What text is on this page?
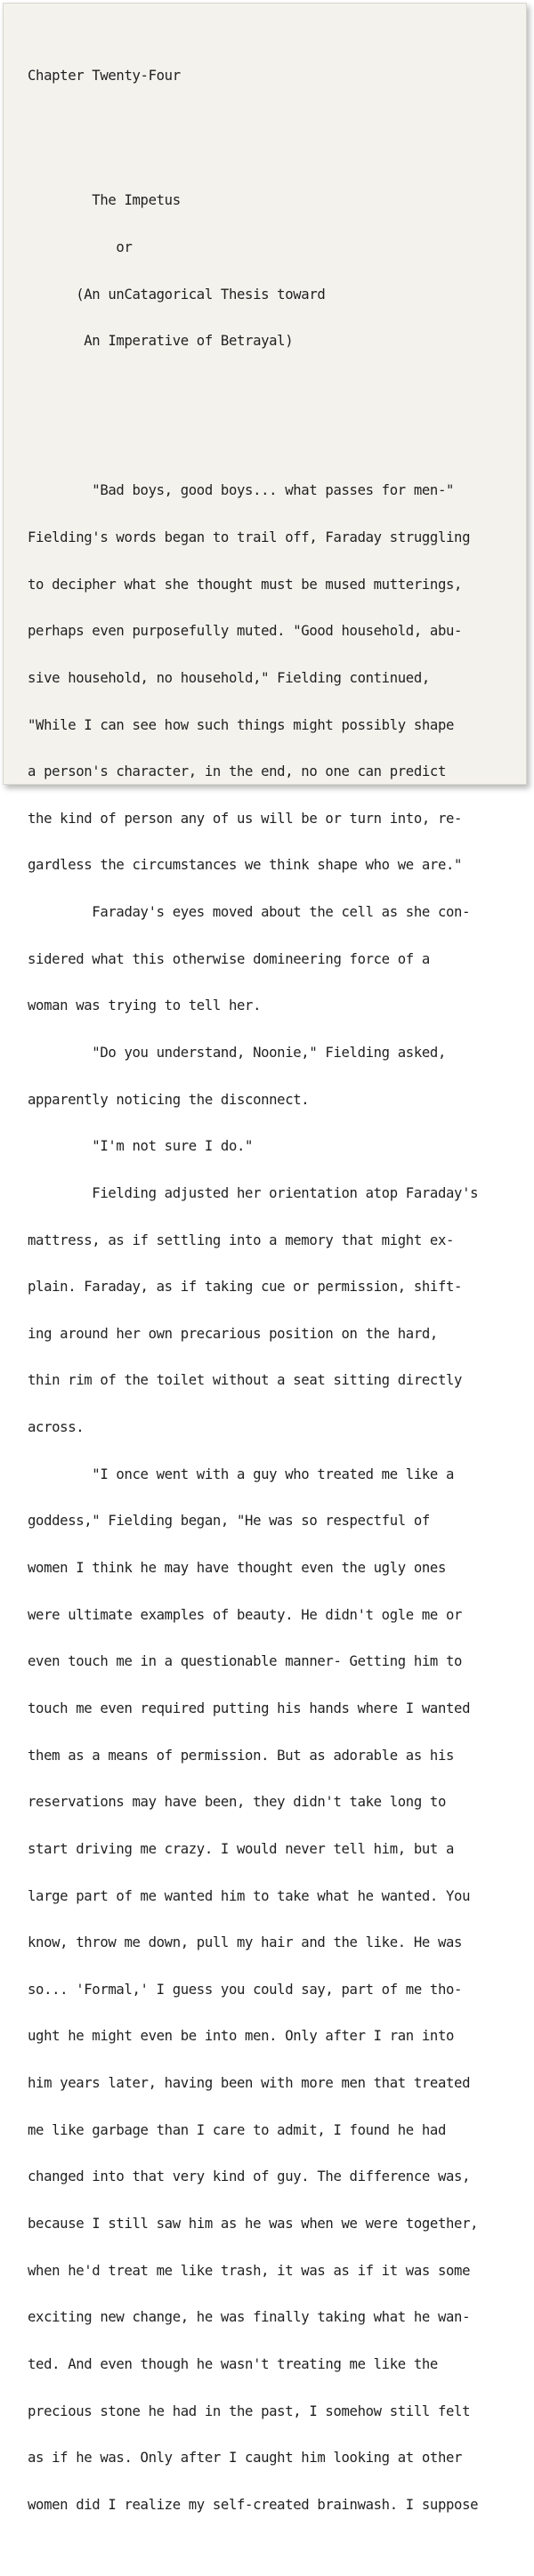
Chapter Twenty-Four

The Impetus

or

(An unCatagorical Thesis toward

An Imperative of Betrayal)

"Bad boys, good boys... what passes for men-"

Fielding's words began to trail off, Faraday struggling

to decipher what she thought must be mused mutterings,

perhaps even purposefully muted. "Good household, abu-

sive household, no household," Fielding continued,

"While I can see how such things might possibly shape

a person's character, in the end, no one can predict

the kind of person any of us will be or turn into, re-

gardless the circumstances we think shape who we are."

Faraday's eyes moved about the cell as she con-

sidered what this otherwise domineering force of a

woman was trying to tell her.

"Do you understand, Noonie," Fielding asked,

apparently noticing the disconnect.

"I'm not sure I do."

Fielding adjusted her orientation atop Faraday's

mattress, as if settling into a memory that might ex-

plain. Faraday, as if taking cue or permission, shift-

ing around her own precarious position on the hard,

thin rim of the toilet without a seat sitting directly

across.

"I once went with a guy who treated me like a

goddess," Fielding began, "He was so respectful of

women I think he may have thought even the ugly ones

were ultimate examples of beauty. He didn't ogle me or

even touch me in a questionable manner- Getting him to

touch me even required putting his hands where I wanted

them as a means of permission. But as adorable as his

reservations may have been, they didn't take long to

start driving me crazy. I would never tell him, but a

large part of me wanted him to take what he wanted. You

know, throw me down, pull my hair and the like. He was

so... 'Formal,' I guess you could say, part of me tho-

ught he might even be into men. Only after I ran into

him years later, having been with more men that treated

me like garbage than I care to admit, I found he had

changed into that very kind of guy. The difference was,

because I still saw him as he was when we were together,

when he'd treat me like trash, it was as if it was some

exciting new change, he was finally taking what he wan-

ted. And even though he wasn't treating me like the

precious stone he had in the past, I somehow still felt

as if he was. Only after I caught him looking at other

women did I realize my self-created brainwash. I suppose
